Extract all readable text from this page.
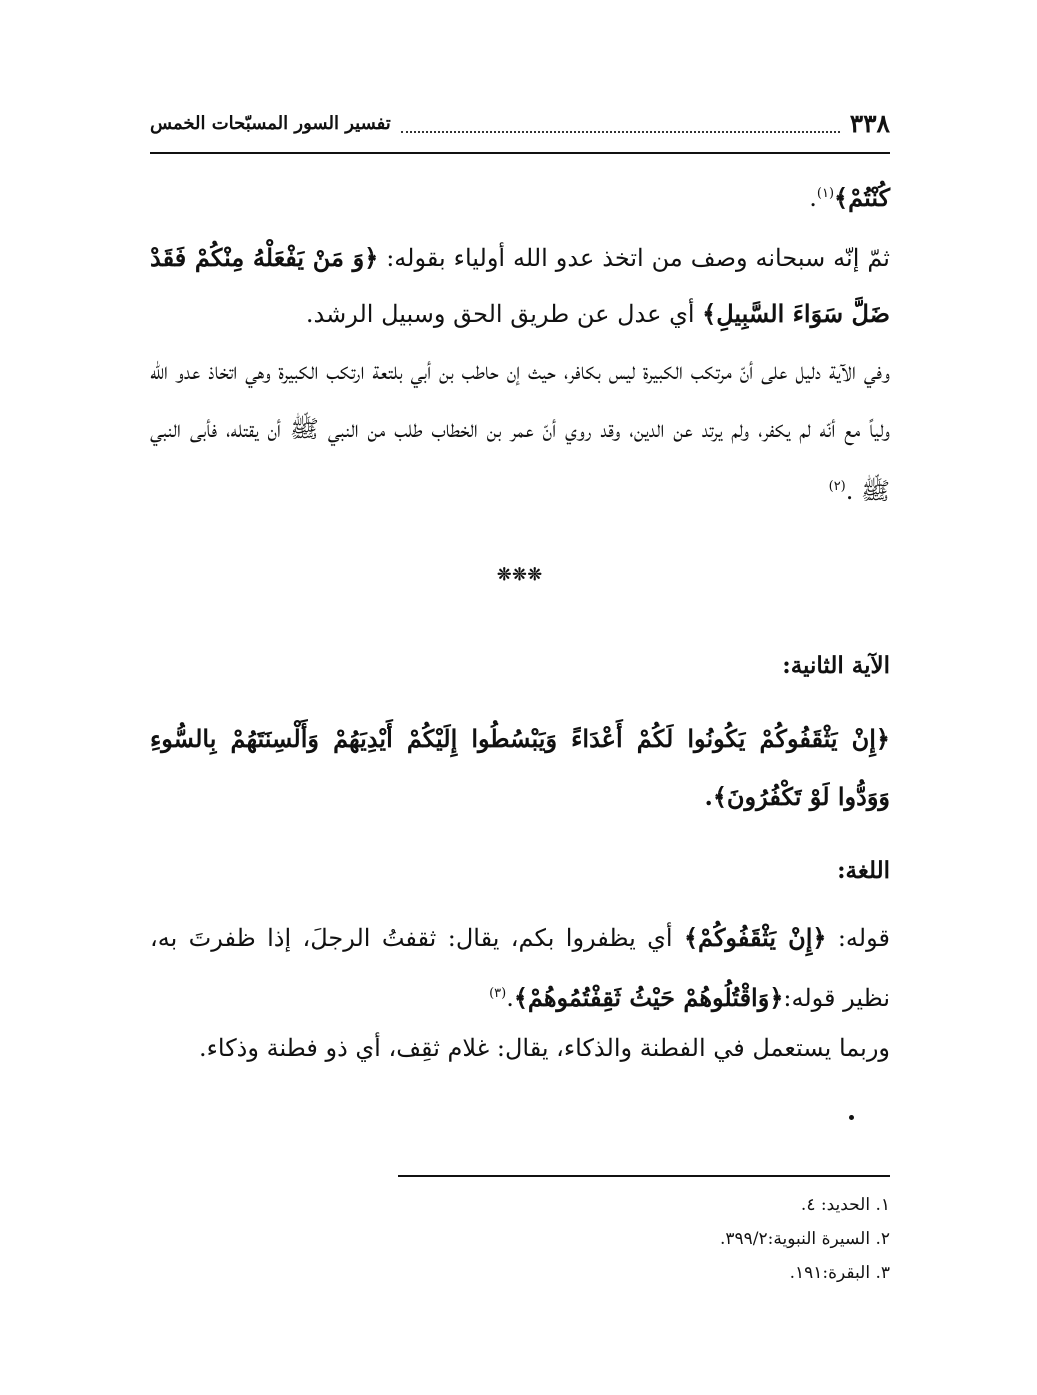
٣٣٨
تفسير السور المسبّحات الخمس
كُنْتُمْ﴾$^{(١)}$.
ثمّ إنّه سبحانه وصف من اتخذ عدو الله أولياء بقوله: ﴿وَ مَنْ يَفْعَلْهُ مِنْكُمْ فَقَدْ ضَلَّ سَوَاءَ السَّبِيلِ﴾ أي عدل عن طريق الحق وسبيل الرشد.
وفي الآية دليل على أنّ مرتكب الكبيرة ليس بكافر، حيث إن حاطب بن أبي بلتعة ارتكب الكبيرة وهي اتخاذ عدو الله ولياً مع أنّه لم يكفر، ولم يرتد عن الدين، وقد روي أنّ عمر بن الخطاب طلب من النبي ﷺ أن يقتله، فأبى النبي ﷺ .$^{(٢)}$
❊❊❊
الآية الثانية:
﴿إِنْ يَثْقَفُوكُمْ يَكُونُوا لَكُمْ أَعْدَاءً وَيَبْسُطُوا إِلَيْكُمْ أَيْدِيَهُمْ وَأَلْسِنَتَهُمْ بِالسُّوءِ وَوَدُّوا لَوْ تَكْفُرُونَ﴾.
اللغة:
قوله: ﴿إِنْ يَثْقَفُوكُمْ﴾ أي يظفروا بكم، يقال: ثقفتُ الرجلَ، إذا ظفرتَ به، نظير قوله:﴿وَاقْتُلُوهُمْ حَيْثُ ثَقِفْتُمُوهُمْ﴾.$^{(٣)}$
وربما يستعمل في الفطنة والذكاء، يقال: غلام ثقِف، أي ذو فطنة وذكاء.
١. الحديد: ٤.
٢. السيرة النبوية:٣٩٩/٢.
٣. البقرة:١٩١.
